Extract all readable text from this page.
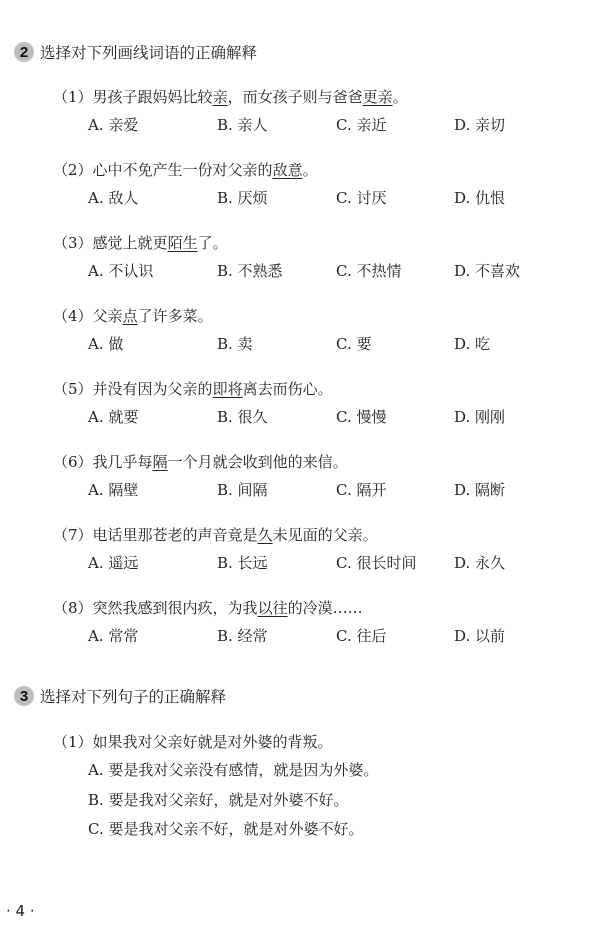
2 选择对下列画线词语的正确解释
（1）男孩子跟妈妈比较亲，而女孩子则与爸爸更亲。
A. 亲爱	B. 亲人	C. 亲近	D. 亲切
（2）心中不免产生一份对父亲的敌意。
A. 敌人	B. 厌烦	C. 讨厌	D. 仇恨
（3）感觉上就更陌生了。
A. 不认识	B. 不熟悉	C. 不热情	D. 不喜欢
（4）父亲点了许多菜。
A. 做	B. 卖	C. 要	D. 吃
（5）并没有因为父亲的即将离去而伤心。
A. 就要	B. 很久	C. 慢慢	D. 刚刚
（6）我几乎每隔一个月就会收到他的来信。
A. 隔壁	B. 间隔	C. 隔开	D. 隔断
（7）电话里那苍老的声音竟是久未见面的父亲。
A. 遥远	B. 长远	C. 很长时间	D. 永久
（8）突然我感到很内疚，为我以往的冷漠……
A. 常常	B. 经常	C. 往后	D. 以前
3 选择对下列句子的正确解释
（1）如果我对父亲好就是对外婆的背叛。
A. 要是我对父亲没有感情，就是因为外婆。
B. 要是我对父亲好，就是对外婆不好。
C. 要是我对父亲不好，就是对外婆不好。
· 4 ·
